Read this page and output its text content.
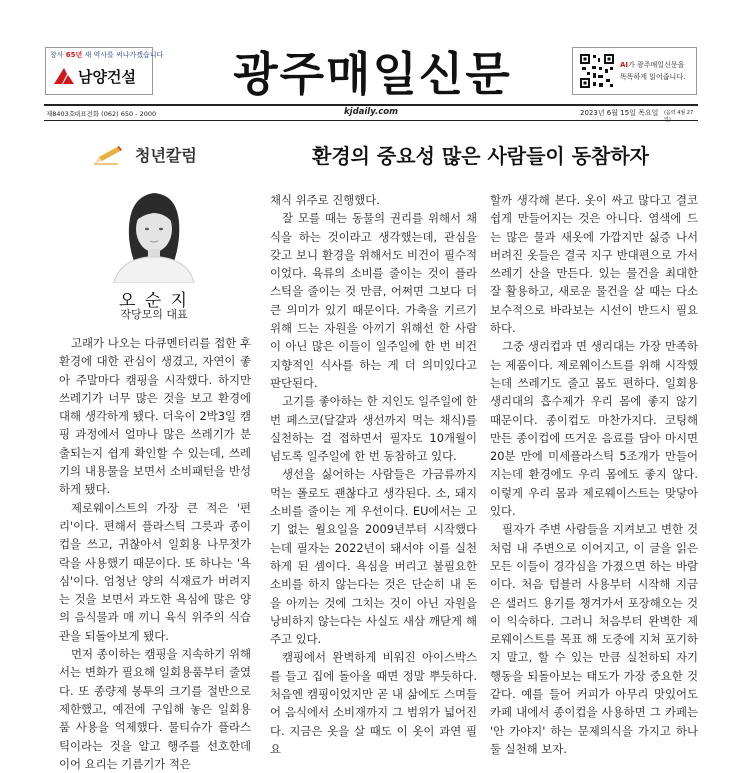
창사 65년 새 역사를 써나가겠습니다
남양건설	광주매일신문	AI가 광주매일신문을
똑똑하게 읽어줍니다.
제8403호
대표전화 (062) 650 - 2000	kjdaily.com	2023년 6월 15일 목요일 (음력 4월 27
청년칼럼	환경의 중요성 많은 사람들이 동참하자
오 순 지
작당모의 대표

고래가 나오는 다큐멘터리를 접한 후 환경에 대한 관심이 생겼고, 자연이 좋아 주말마다 캠핑을 시작했다. 하지만 쓰레기가 너무 많은 것을 보고 환경에 대해 생각하게 됐다. 더욱이 2박3일 캠핑 과정에서 얼마나 많은 쓰레기가 분출되는지 쉽게 확인할 수 있는데, 쓰레기의 내용물을 보면서 소비패턴을 반성하게 됐다.

제로웨이스트의 가장 큰 적은 '편리'이다. 편해서 플라스틱 그릇과 종이컵을 쓰고, 귀찮아서 일회용 나무젓가락을 사용했기 때문이다. 또 하나는 '욕심'이다. 엄청난 양의 식재료가 버려지는 것을 보면서 과도한 욕심에 많은 양의 음식물과 매 끼니 육식 위주의 식습관을 되돌아보게 됐다.

먼저 종이하는 캠핑을 지속하기 위해서는 변화가 필요해 일회용품부터 줄였다. 또 종량제 봉투의 크기를 절반으로 제한했고, 예전에 구입해 놓은 일회용품 사용을 억제했다. 물티슈가 플라스틱이라는 것을 알고 행주를 선호한데 이어 요리는 기름기가 적은

채식 위주로 진행했다.

잘 모를 때는 동물의 권리를 위해서 채식을 하는 것이라고 생각했는데, 관심을 갖고 보니 환경을 위해서도 비건이 필수적이었다. 육류의 소비를 줄이는 것이 플라스틱을 줄이는 것 만큼, 어쩌면 그보다 더 큰 의미가 있기 때문이다. 가축을 기르기 위해 드는 자원을 아끼기 위해선 한 사람이 아닌 많은 이들이 일주일에 한 번 비건 지향적인 식사를 하는 게 더 의미있다고 판단된다.

고기를 좋아하는 한 지인도 일주일에 한 번 페스코(달걀과 생선까지 먹는 채식)를 실천하는 걸 접하면서 필자도 10개월이 넘도록 일주일에 한 번 동참하고 있다.

생선을 싫어하는 사람들은 가금류까지 먹는 폴로도 괜찮다고 생각된다. 소, 돼지 소비를 줄이는 게 우선이다. EU에서는 고기 없는 월요일을 2009년부터 시작했다는데 필자는 2022년이 돼서야 이를 실천하게 된 셈이다. 욕심을 버리고 불필요한 소비를 하지 않는다는 것은 단순히 내 돈을 아끼는 것에 그치는 것이 아닌 자원을 낭비하지 않는다는 사실도 새삼 깨닫게 해 주고 있다.

캠핑에서 완벽하게 비워진 아이스박스를 들고 집에 돌아올 때면 정말 뿌듯하다. 처음엔 캠핑이었지만 곧 내 삶에도 스며들어 음식에서 소비재까지 그 범위가 넓어진다. 지금은 옷을 살 때도 이 옷이 과연 필요

할까 생각해 본다. 옷이 싸고 많다고 결코 쉽게 만들어지는 것은 아니다. 염색에 드는 많은 물과 새옷에 가깝지만 싫증 나서 버려진 옷들은 결국 지구 반대편으로 가서 쓰레기 산을 만든다. 있는 물건을 최대한 잘 활용하고, 새로운 물건을 살 때는 다소 보수적으로 바라보는 시선이 반드시 필요하다.

그중 생리컵과 면 생리대는 가장 만족하는 제품이다. 제로웨이스트를 위해 시작했는데 쓰레기도 줄고 몸도 편하다. 일회용 생리대의 흡수제가 우리 몸에 좋지 않기 때문이다. 종이컵도 마찬가지다. 코팅해 만든 종이컵에 뜨거운 음료를 담아 마시면 20분 만에 미세플라스틱 5조개가 만들어지는데 환경에도 우리 몸에도 좋지 않다. 이렇게 우리 몸과 제로웨이스트는 맞닿아 있다.

필자가 주변 사람들을 지켜보고 변한 것처럼 내 주변으로 이어지고, 이 글을 읽은 모든 이들이 경각심을 가졌으면 하는 바람이다. 처음 텀블러 사용부터 시작해 지금은 샐러드 용기를 챙겨가서 포장해오는 것이 익숙하다. 그러니 처음부터 완벽한 제로웨이스트를 목표 해 도중에 지쳐 포기하지 말고, 할 수 있는 만큼 실천하되 자기 행동을 되돌아보는 태도가 가장 중요한 것 같다. 예를 들어 커피가 아무리 맛있어도 카페 내에서 종이컵을 사용하면 그 카페는 '안 가야지' 하는 문제의식을 가지고 하나 둘 실천해 보자.
